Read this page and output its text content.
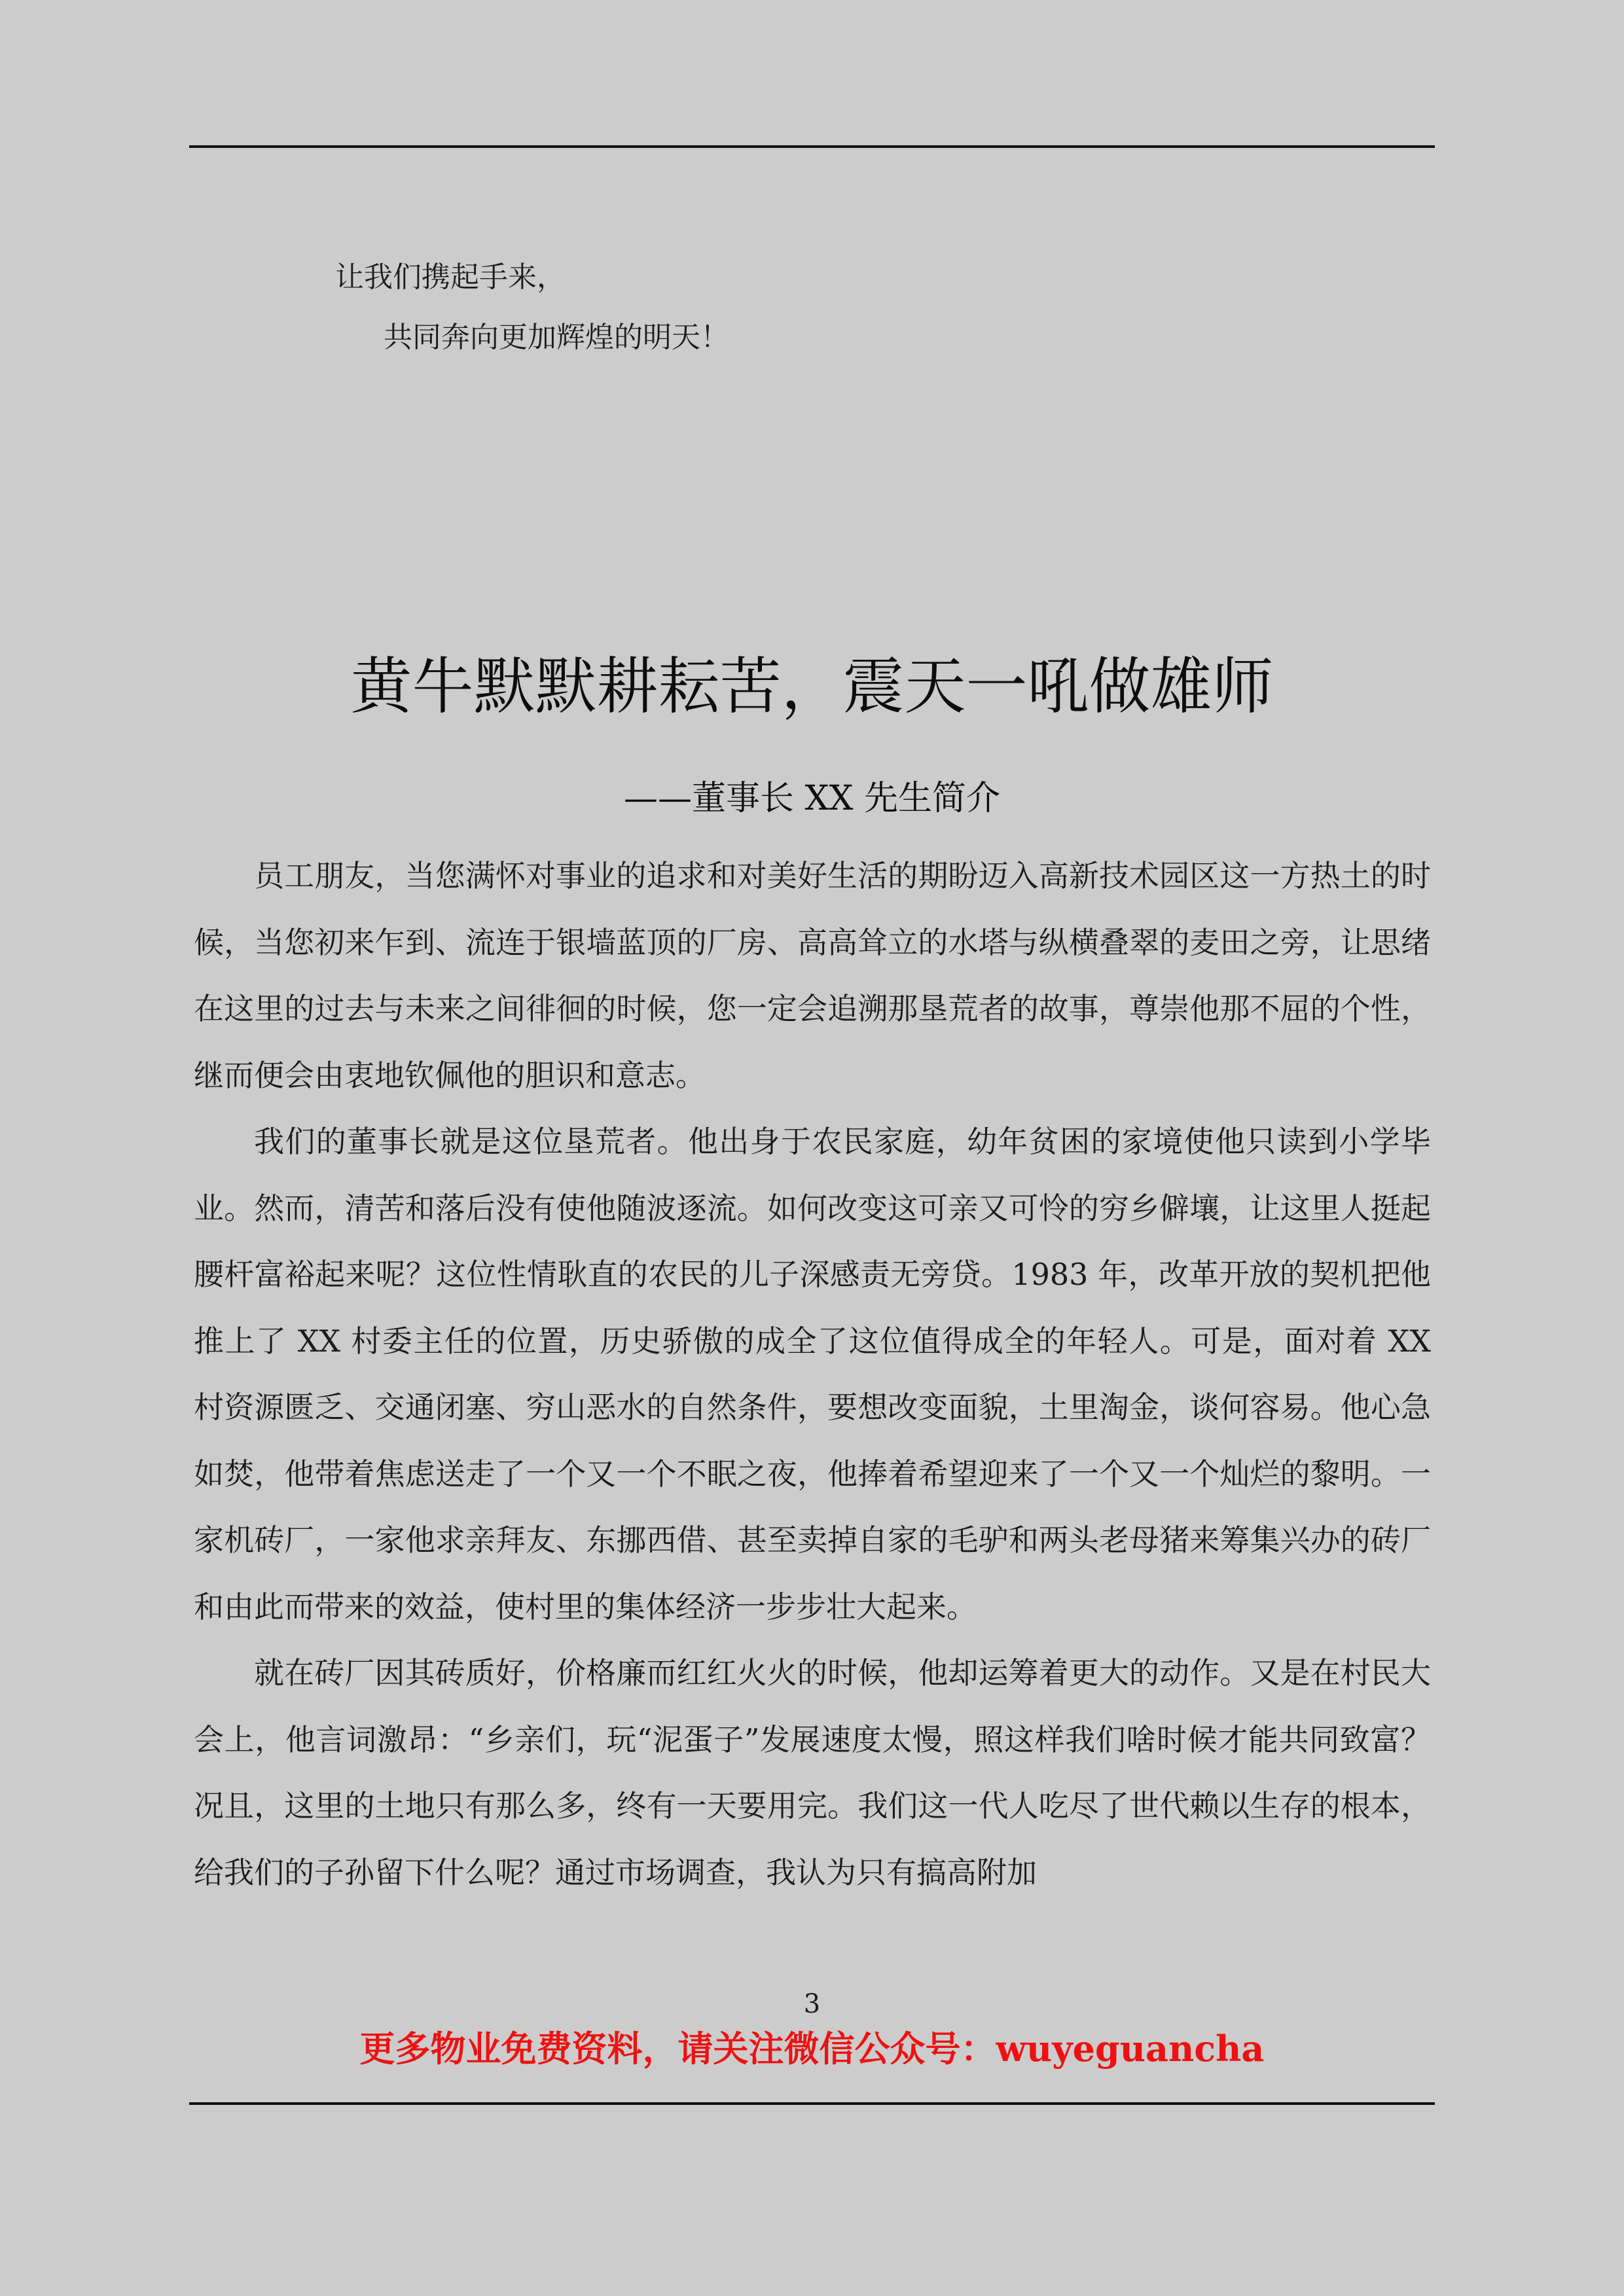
让我们携起手来，
共同奔向更加辉煌的明天！
黄牛默默耕耘苦，震天一吼做雄师
——董事长 XX 先生简介

员工朋友，当您满怀对事业的追求和对美好生活的期盼迈入高新技术园区这一方热土的时候，当您初来乍到、流连于银墙蓝顶的厂房、高高耸立的水塔与纵横叠翠的麦田之旁，让思绪在这里的过去与未来之间徘徊的时候，您一定会追溯那垦荒者的故事，尊崇他那不屈的个性，继而便会由衷地钦佩他的胆识和意志。

我们的董事长就是这位垦荒者。他出身于农民家庭，幼年贫困的家境使他只读到小学毕业。然而，清苦和落后没有使他随波逐流。如何改变这可亲又可怜的穷乡僻壤，让这里人挺起腰杆富裕起来呢？这位性情耿直的农民的儿子深感责无旁贷。1983 年，改革开放的契机把他推上了 XX 村委主任的位置，历史骄傲的成全了这位值得成全的年轻人。可是，面对着 XX 村资源匮乏、交通闭塞、穷山恶水的自然条件，要想改变面貌，土里淘金，谈何容易。他心急如焚，他带着焦虑送走了一个又一个不眠之夜，他捧着希望迎来了一个又一个灿烂的黎明。一家机砖厂，一家他求亲拜友、东挪西借、甚至卖掉自家的毛驴和两头老母猪来筹集兴办的砖厂和由此而带来的效益，使村里的集体经济一步步壮大起来。

就在砖厂因其砖质好，价格廉而红红火火的时候，他却运筹着更大的动作。又是在村民大会上，他言词激昂：“乡亲们，玩“泥蛋子”发展速度太慢，照这样我们啥时候才能共同致富？况且，这里的土地只有那么多，终有一天要用完。我们这一代人吃尽了世代赖以生存的根本，给我们的子孙留下什么呢？通过市场调查，我认为只有搞高附加

3
更多物业免费资料，请关注微信公众号：wuyeguancha
